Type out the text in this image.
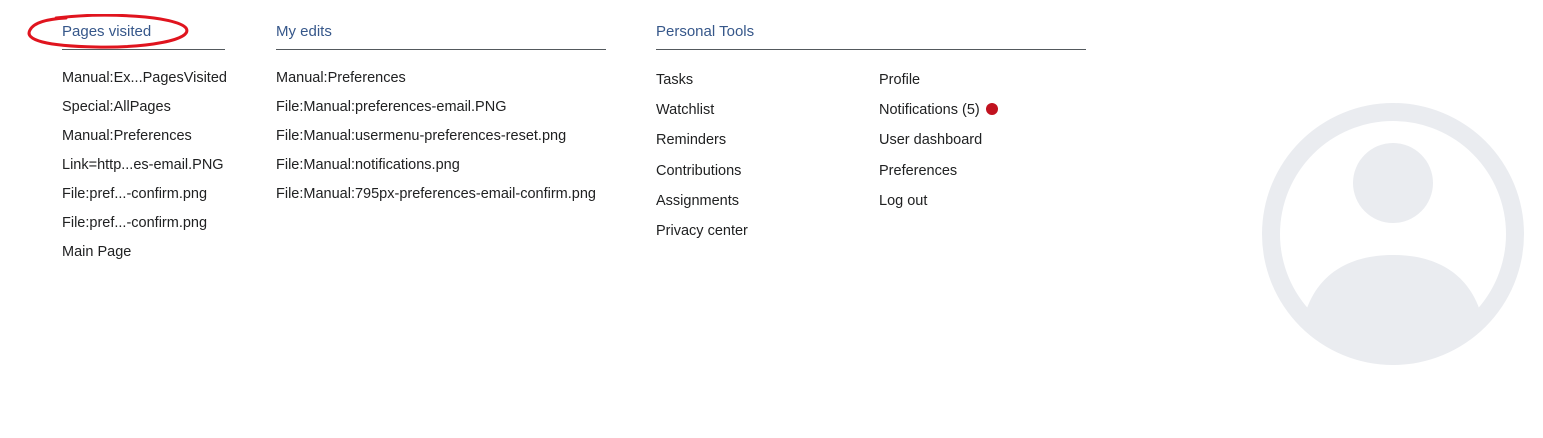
Pages visited
Manual:Ex...PagesVisited
Special:AllPages
Manual:Preferences
Link=http...es-email.PNG
File:pref...-confirm.png
File:pref...-confirm.png
Main Page
My edits
Manual:Preferences
File:Manual:preferences-email.PNG
File:Manual:usermenu-preferences-reset.png
File:Manual:notifications.png
File:Manual:795px-preferences-email-confirm.png
Personal Tools
Tasks
Watchlist
Reminders
Contributions
Assignments
Privacy center
Profile
Notifications (5)
User dashboard
Preferences
Log out
